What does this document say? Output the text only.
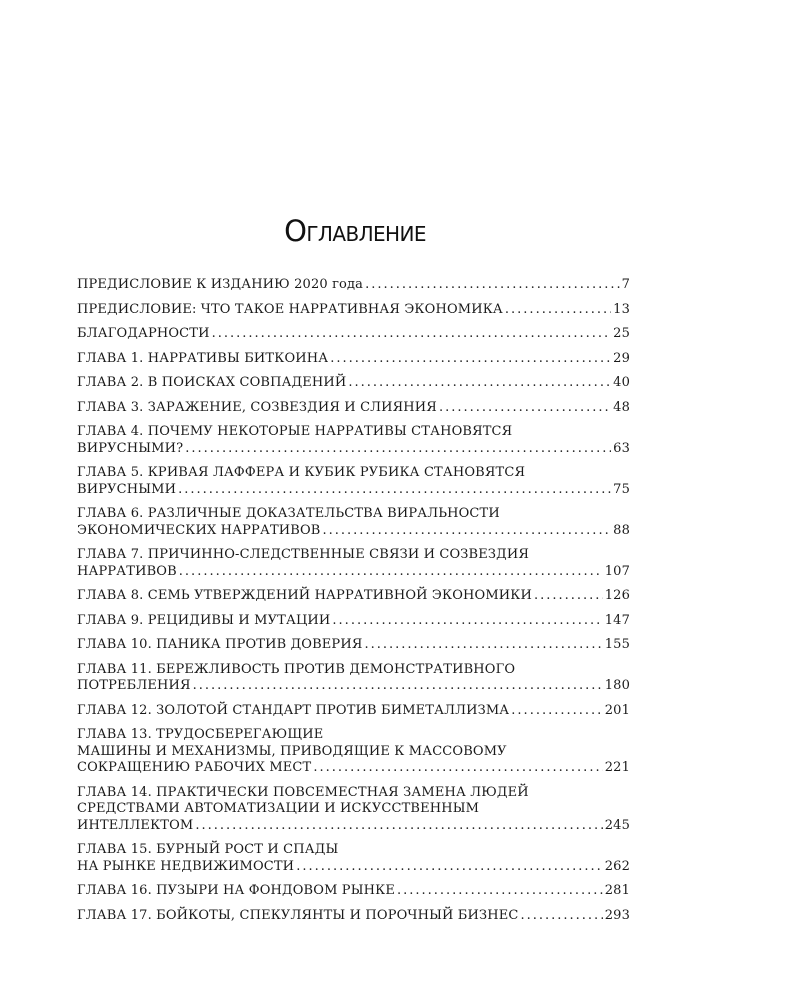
Оглавление
ПРЕДИСЛОВИЕ К ИЗДАНИЮ 2020 года .....	7
ПРЕДИСЛОВИЕ: ЧТО ТАКОЕ НАРРАТИВНАЯ ЭКОНОМИКА .....	13
БЛАГОДАРНОСТИ .....	25
ГЛАВА 1. НАРРАТИВЫ БИТКОИНА .....	29
ГЛАВА 2. В ПОИСКАХ СОВПАДЕНИЙ .....	40
ГЛАВА 3. ЗАРАЖЕНИЕ, СОЗВЕЗДИЯ И СЛИЯНИЯ .....	48
ГЛАВА 4. ПОЧЕМУ НЕКОТОРЫЕ НАРРАТИВЫ СТАНОВЯТСЯ
ВИРУСНЫМИ? .....	63
ГЛАВА 5. КРИВАЯ ЛАФФЕРА И КУБИК РУБИКА СТАНОВЯТСЯ
ВИРУСНЫМИ .....	75
ГЛАВА 6. РАЗЛИЧНЫЕ ДОКАЗАТЕЛЬСТВА ВИРАЛЬНОСТИ
ЭКОНОМИЧЕСКИХ НАРРАТИВОВ .....	88
ГЛАВА 7. ПРИЧИННО-СЛЕДСТВЕННЫЕ СВЯЗИ И СОЗВЕЗДИЯ
НАРРАТИВОВ .....	107
ГЛАВА 8. СЕМЬ УТВЕРЖДЕНИЙ НАРРАТИВНОЙ ЭКОНОМИКИ .....	126
ГЛАВА 9. РЕЦИДИВЫ И МУТАЦИИ .....	147
ГЛАВА 10. ПАНИКА ПРОТИВ ДОВЕРИЯ .....	155
ГЛАВА 11. БЕРЕЖЛИВОСТЬ ПРОТИВ ДЕМОНСТРАТИВНОГО
ПОТРЕБЛЕНИЯ .....	180
ГЛАВА 12. ЗОЛОТОЙ СТАНДАРТ ПРОТИВ БИМЕТАЛЛИЗМА .....	201
ГЛАВА 13. ТРУДОСБЕРЕГАЮЩИЕ
МАШИНЫ И МЕХАНИЗМЫ, ПРИВОДЯЩИЕ К МАССОВОМУ
СОКРАЩЕНИЮ РАБОЧИХ МЕСТ .....	221
ГЛАВА 14. ПРАКТИЧЕСКИ ПОВСЕМЕСТНАЯ ЗАМЕНА ЛЮДЕЙ
СРЕДСТВАМИ АВТОМАТИЗАЦИИ И ИСКУССТВЕННЫМ
ИНТЕЛЛЕКТОМ .....	245
ГЛАВА 15. БУРНЫЙ РОСТ И СПАДЫ
НА РЫНКЕ НЕДВИЖИМОСТИ .....	262
ГЛАВА 16. ПУЗЫРИ НА ФОНДОВОМ РЫНКЕ .....	281
ГЛАВА 17. БОЙКОТЫ, СПЕКУЛЯНТЫ И ПОРОЧНЫЙ БИЗНЕС .....	293
